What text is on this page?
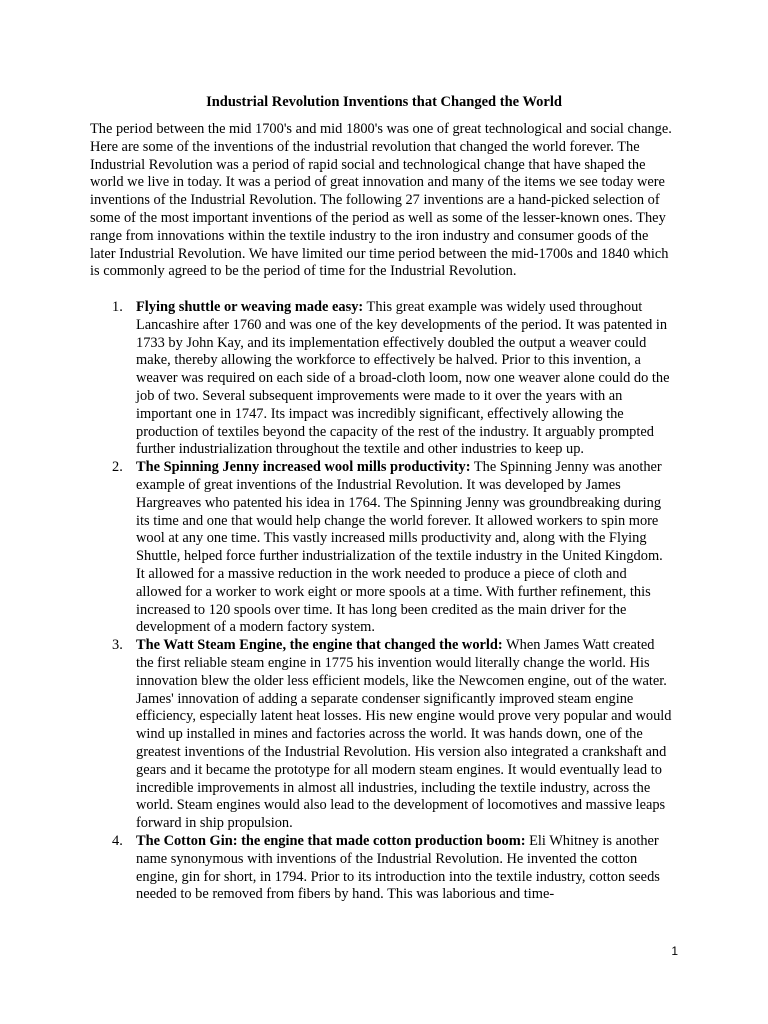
Industrial Revolution Inventions that Changed the World

The period between the mid 1700's and mid 1800's was one of great technological and social change. Here are some of the inventions of the industrial revolution that changed the world forever. The Industrial Revolution was a period of rapid social and technological change that have shaped the world we live in today. It was a period of great innovation and many of the items we see today were inventions of the Industrial Revolution. The following 27 inventions are a hand-picked selection of some of the most important inventions of the period as well as some of the lesser-known ones. They range from innovations within the textile industry to the iron industry and consumer goods of the later Industrial Revolution. We have limited our time period between the mid-1700s and 1840 which is commonly agreed to be the period of time for the Industrial Revolution.

1. Flying shuttle or weaving made easy: This great example was widely used throughout Lancashire after 1760 and was one of the key developments of the period. It was patented in 1733 by John Kay, and its implementation effectively doubled the output a weaver could make, thereby allowing the workforce to effectively be halved. Prior to this invention, a weaver was required on each side of a broad-cloth loom, now one weaver alone could do the job of two. Several subsequent improvements were made to it over the years with an important one in 1747. Its impact was incredibly significant, effectively allowing the production of textiles beyond the capacity of the rest of the industry. It arguably prompted further industrialization throughout the textile and other industries to keep up.
2. The Spinning Jenny increased wool mills productivity: The Spinning Jenny was another example of great inventions of the Industrial Revolution. It was developed by James Hargreaves who patented his idea in 1764. The Spinning Jenny was groundbreaking during its time and one that would help change the world forever. It allowed workers to spin more wool at any one time. This vastly increased mills productivity and, along with the Flying Shuttle, helped force further industrialization of the textile industry in the United Kingdom. It allowed for a massive reduction in the work needed to produce a piece of cloth and allowed for a worker to work eight or more spools at a time. With further refinement, this increased to 120 spools over time. It has long been credited as the main driver for the development of a modern factory system.
3. The Watt Steam Engine, the engine that changed the world: When James Watt created the first reliable steam engine in 1775 his invention would literally change the world. His innovation blew the older less efficient models, like the Newcomen engine, out of the water. James' innovation of adding a separate condenser significantly improved steam engine efficiency, especially latent heat losses. His new engine would prove very popular and would wind up installed in mines and factories across the world. It was hands down, one of the greatest inventions of the Industrial Revolution. His version also integrated a crankshaft and gears and it became the prototype for all modern steam engines. It would eventually lead to incredible improvements in almost all industries, including the textile industry, across the world. Steam engines would also lead to the development of locomotives and massive leaps forward in ship propulsion.
4. The Cotton Gin: the engine that made cotton production boom: Eli Whitney is another name synonymous with inventions of the Industrial Revolution. He invented the cotton engine, gin for short, in 1794. Prior to its introduction into the textile industry, cotton seeds needed to be removed from fibers by hand. This was laborious and time-
1
